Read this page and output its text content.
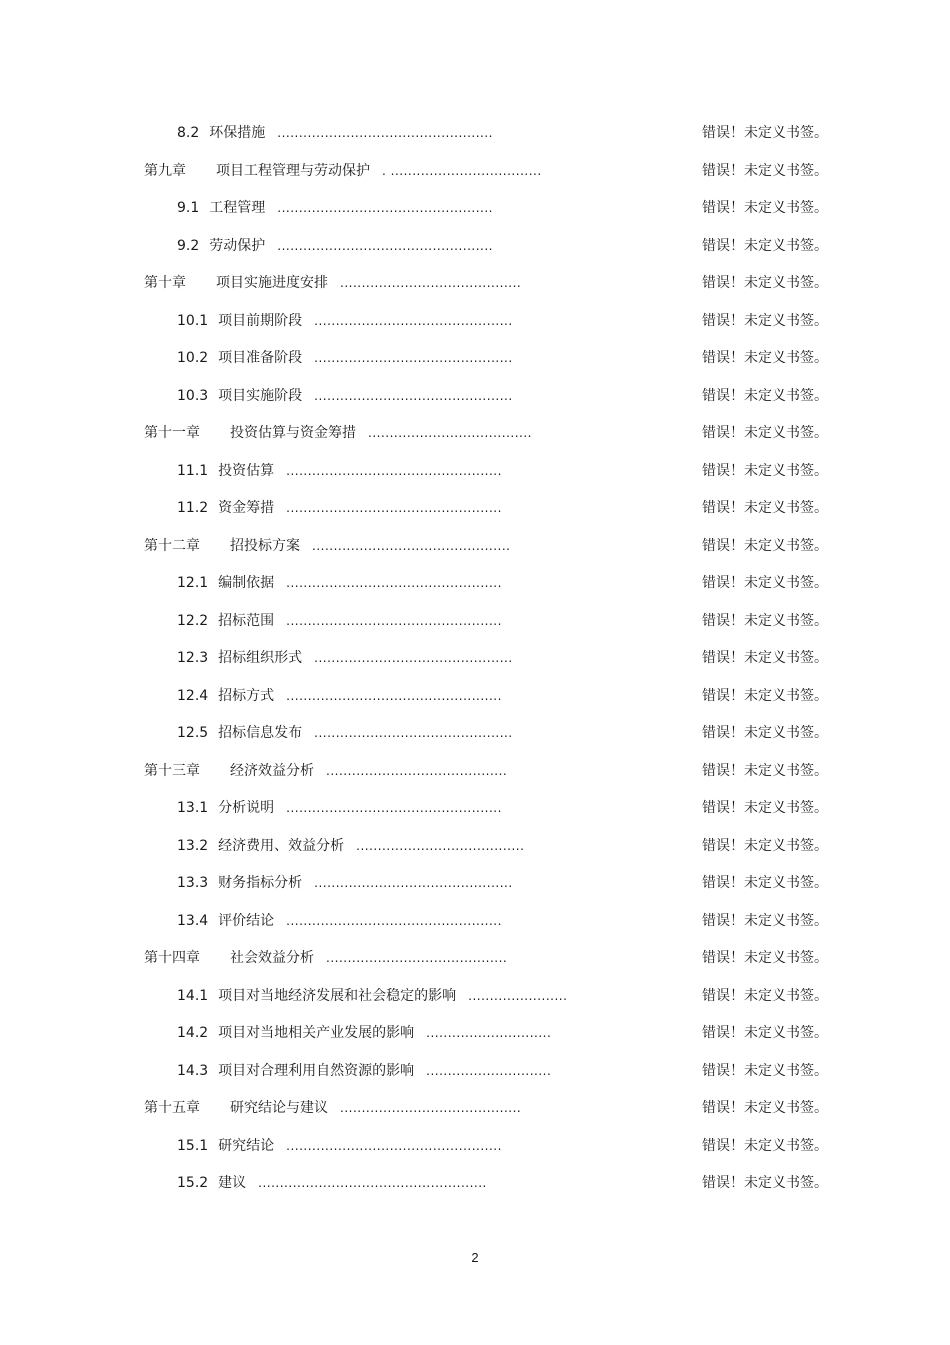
8.2 环保措施 ..................................................	错误！未定义书签。
第九章 项目工程管理与劳动保护 . ...................................	错误！未定义书签。
9.1 工程管理 ..................................................	错误！未定义书签。
9.2 劳动保护 ..................................................	错误！未定义书签。
第十章 项目实施进度安排 ..........................................	错误！未定义书签。
10.1 项目前期阶段 ..............................................	错误！未定义书签。
10.2 项目准备阶段 ..............................................	错误！未定义书签。
10.3 项目实施阶段 ..............................................	错误！未定义书签。
第十一章 投资估算与资金筹措 ......................................	错误！未定义书签。
11.1 投资估算 ..................................................	错误！未定义书签。
11.2 资金筹措 ..................................................	错误！未定义书签。
第十二章 招投标方案 ..............................................	错误！未定义书签。
12.1 编制依据 ..................................................	错误！未定义书签。
12.2 招标范围 ..................................................	错误！未定义书签。
12.3 招标组织形式 ..............................................	错误！未定义书签。
12.4 招标方式 ..................................................	错误！未定义书签。
12.5 招标信息发布 ..............................................	错误！未定义书签。
第十三章 经济效益分析 ..........................................	错误！未定义书签。
13.1 分析说明 ..................................................	错误！未定义书签。
13.2 经济费用、效益分析 .......................................	错误！未定义书签。
13.3 财务指标分析 ..............................................	错误！未定义书签。
13.4 评价结论 ..................................................	错误！未定义书签。
第十四章 社会效益分析 ..........................................	错误！未定义书签。
14.1 项目对当地经济发展和社会稳定的影响 .......................	错误！未定义书签。
14.2 项目对当地相关产业发展的影响 .............................	错误！未定义书签。
14.3 项目对合理利用自然资源的影响 .............................	错误！未定义书签。
第十五章 研究结论与建议 ..........................................	错误！未定义书签。
15.1 研究结论 ..................................................	错误！未定义书签。
15.2 建议 .....................................................	错误！未定义书签。
2
